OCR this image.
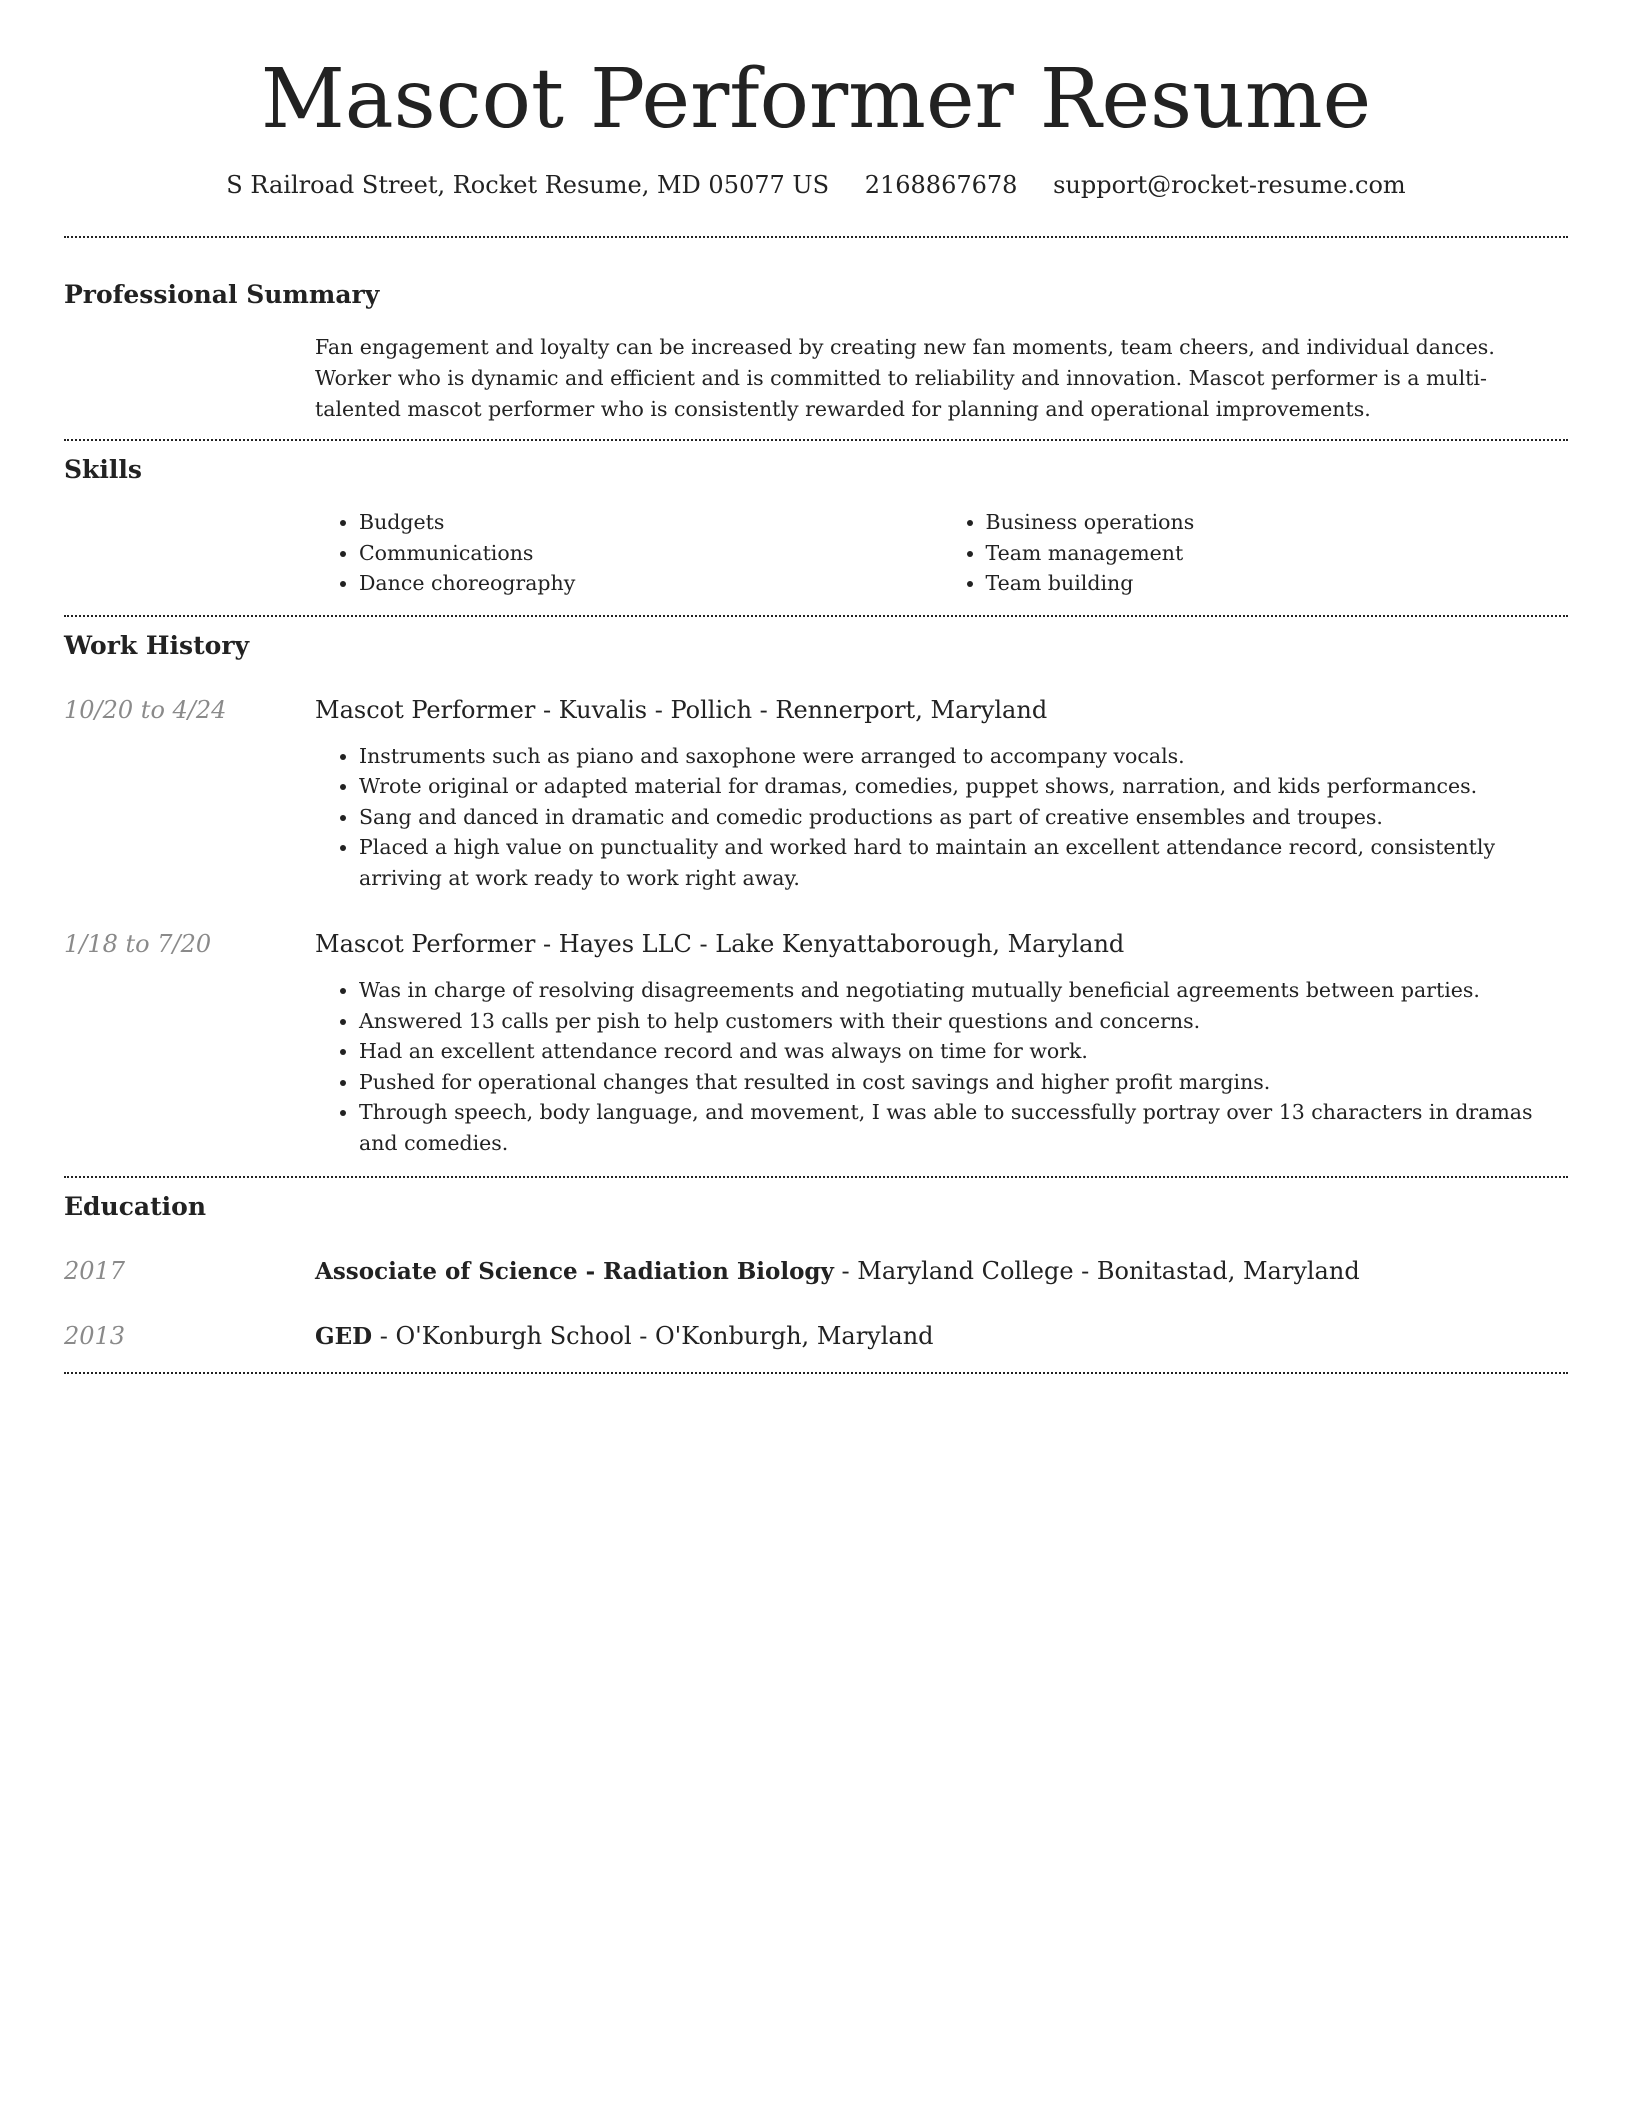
Mascot Performer Resume
S Railroad Street, Rocket Resume, MD 05077 US 2168867678 support@rocket-resume.com
Professional Summary

Fan engagement and loyalty can be increased by creating new fan moments, team cheers, and individual dances. Worker who is dynamic and efficient and is committed to reliability and innovation. Mascot performer is a multi-talented mascot performer who is consistently rewarded for planning and operational improvements.

Skills
• Budgets
• Communications
• Dance choreography
• Business operations
• Team management
• Team building
Work History
10/20 to 4/24	Mascot Performer - Kuvalis - Pollich - Rennerport, Maryland
• Instruments such as piano and saxophone were arranged to accompany vocals.
• Wrote original or adapted material for dramas, comedies, puppet shows, narration, and kids performances.
• Sang and danced in dramatic and comedic productions as part of creative ensembles and troupes.
• Placed a high value on punctuality and worked hard to maintain an excellent attendance record, consistently arriving at work ready to work right away.
1/18 to 7/20	Mascot Performer - Hayes LLC - Lake Kenyattaborough, Maryland
• Was in charge of resolving disagreements and negotiating mutually beneficial agreements between parties.
• Answered 13 calls per pish to help customers with their questions and concerns.
• Had an excellent attendance record and was always on time for work.
• Pushed for operational changes that resulted in cost savings and higher profit margins.
• Through speech, body language, and movement, I was able to successfully portray over 13 characters in dramas and comedies.
Education
2017	Associate of Science - Radiation Biology - Maryland College - Bonitastad, Maryland
2013	GED - O'Konburgh School - O'Konburgh, Maryland
